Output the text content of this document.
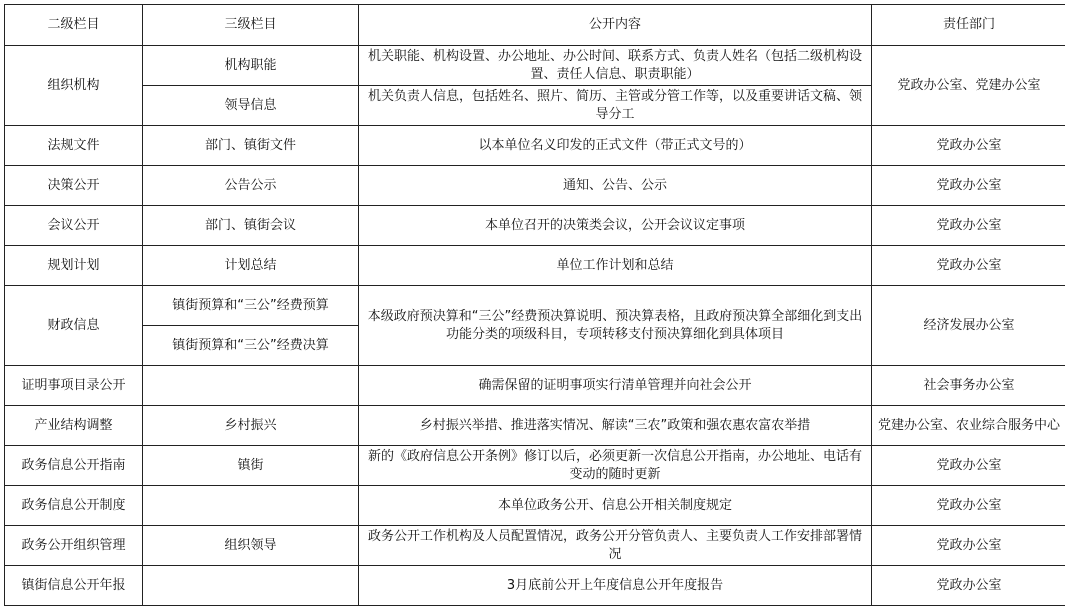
二级栏目	三级栏目	公开内容	责任部门
组织机构	机构职能	机关职能、机构设置、办公地址、办公时间、联系方式、负责人姓名（包括二级机构设置、责任人信息、职责职能）	党政办公室、党建办公室
	领导信息	机关负责人信息，包括姓名、照片、简历、主管或分管工作等，以及重要讲话文稿、领导分工	
法规文件	部门、镇街文件	以本单位名义印发的正式文件（带正式文号的）	党政办公室
决策公开	公告公示	通知、公告、公示	党政办公室
会议公开	部门、镇街会议	本单位召开的决策类会议，公开会议议定事项	党政办公室
规划计划	计划总结	单位工作计划和总结	党政办公室
财政信息	镇街预算和“三公”经费预算	本级政府预决算和“三公”经费预决算说明、预决算表格，且政府预决算全部细化到支出功能分类的项级科目，专项转移支付预决算细化到具体项目	经济发展办公室
	镇街预算和“三公”经费决算		
证明事项目录公开		确需保留的证明事项实行清单管理并向社会公开	社会事务办公室
产业结构调整	乡村振兴	乡村振兴举措、推进落实情况、解读“三农”政策和强农惠农富农举措	党建办公室、农业综合服务中心
政务信息公开指南	镇街	新的《政府信息公开条例》修订以后，必须更新一次信息公开指南，办公地址、电话有变动的随时更新	党政办公室
政务信息公开制度		本单位政务公开、信息公开相关制度规定	党政办公室
政务公开组织管理	组织领导	政务公开工作机构及人员配置情况，政务公开分管负责人、主要负责人工作安排部署情况	党政办公室
镇街信息公开年报		3月底前公开上年度信息公开年度报告	党政办公室
